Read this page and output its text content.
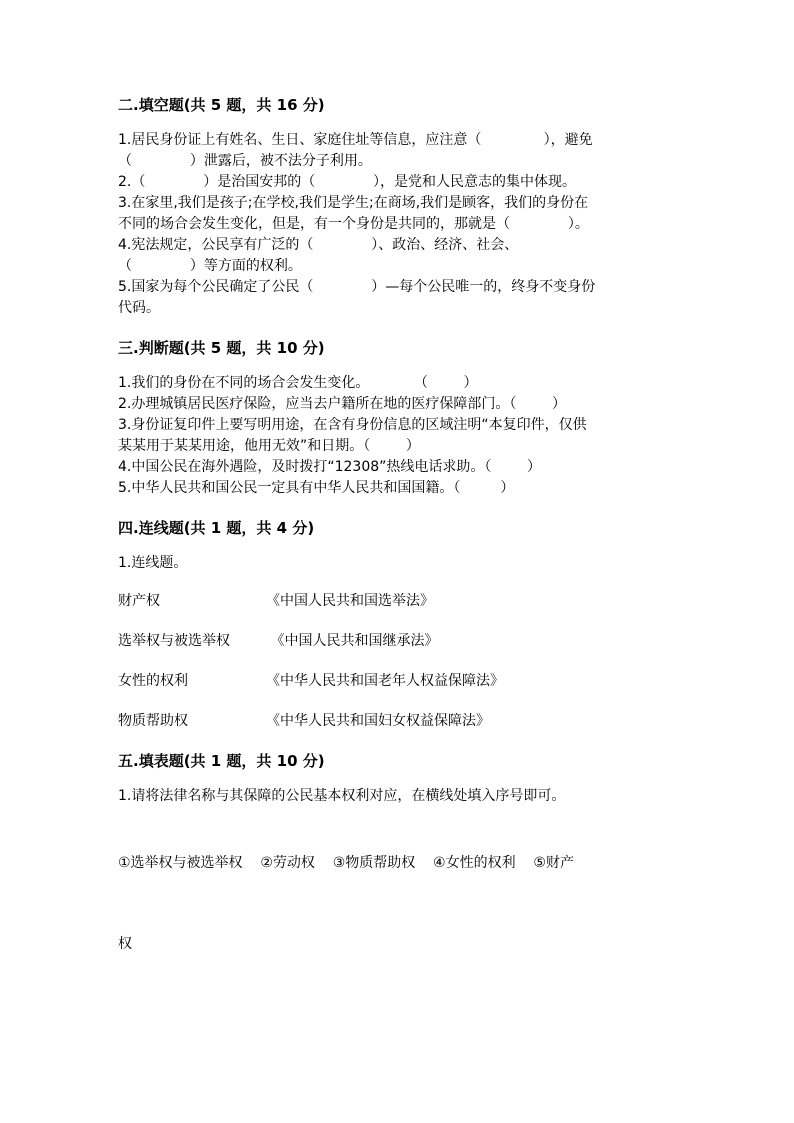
二.填空题(共 5 题，共 16 分)

1.居民身份证上有姓名、生日、家庭住址等信息，应注意（              ），避免

（             ）泄露后，被不法分子利用。

2.（             ）是治国安邦的（             ），是党和人民意志的集中体现。

3.在家里,我们是孩子;在学校,我们是学生;在商场,我们是顾客，我们的身份在

不同的场合会发生变化，但是，有一个身份是共同的，那就是（             ）。

4.宪法规定，公民享有广泛的（             ）、政治、经济、社会、

（             ）等方面的权利。

5.国家为每个公民确定了公民（             ）—每个公民唯一的，终身不变身份

代码。

三.判断题(共 5 题，共 10 分)

1.我们的身份在不同的场合会发生变化。          （        ）

2.办理城镇居民医疗保险，应当去户籍所在地的医疗保障部门。（        ）

3.身份证复印件上要写明用途，在含有身份信息的区域注明“本复印件，仅供

某某用于某某用途，他用无效”和日期。（        ）

4.中国公民在海外遇险，及时拨打“12308”热线电话求助。（        ）

5.中华人民共和国公民一定具有中华人民共和国国籍。（         ）

四.连线题(共 1 题，共 4 分)

1.连线题。

财产权	《中国人民共和国选举法》
选举权与被选举权	《中国人民共和国继承法》
女性的权利	《中华人民共和国老年人权益保障法》
物质帮助权	《中华人民共和国妇女权益保障法》

五.填表题(共 1 题，共 10 分)

1.请将法律名称与其保障的公民基本权利对应，在横线处填入序号即可。

①选举权与被选举权    ②劳动权    ③物质帮助权    ④女性的权利    ⑤财产

权
